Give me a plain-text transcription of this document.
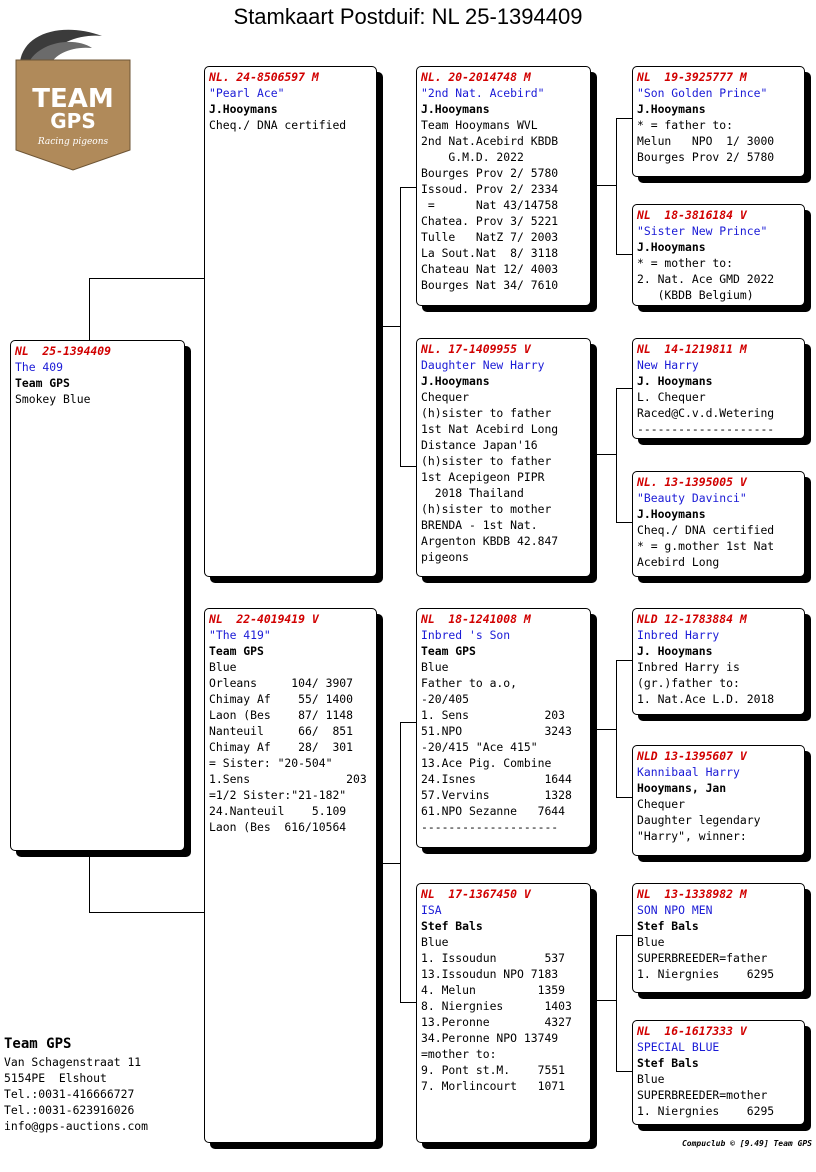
Stamkaart Postduif: NL 25-1394409
TEAM
GPS
Racing pigeons
NL  25-1394409
The 409
Team GPS
Smokey Blue
NL. 24-8506597 M
"Pearl Ace"
J.Hooymans
Cheq./ DNA certified
NL  22-4019419 V
"The 419"
Team GPS
Blue
Orleans     104/ 3907
Chimay Af    55/ 1400
Laon (Bes    87/ 1148
Nanteuil     66/  851
Chimay Af    28/  301
= Sister: "20-504"
1.Sens              203
=1/2 Sister:"21-182"
24.Nanteuil    5.109
Laon (Bes  616/10564
NL. 20-2014748 M
"2nd Nat. Acebird"
J.Hooymans
Team Hooymans WVL
2nd Nat.Acebird KBDB
G.M.D. 2022
Bourges Prov 2/ 5780
Issoud. Prov 2/ 2334
=      Nat 43/14758
Chatea. Prov 3/ 5221
Tulle   NatZ 7/ 2003
La Sout.Nat  8/ 3118
Chateau Nat 12/ 4003
Bourges Nat 34/ 7610
NL. 17-1409955 V
Daughter New Harry
J.Hooymans
Chequer
(h)sister to father
1st Nat Acebird Long
Distance Japan'16
(h)sister to father
1st Acepigeon PIPR
2018 Thailand
(h)sister to mother
BRENDA - 1st Nat.
Argenton KBDB 42.847
pigeons
NL  18-1241008 M
Inbred 's Son
Team GPS
Blue
Father to a.o,
-20/405
1. Sens           203
51.NPO            3243
-20/415 "Ace 415"
13.Ace Pig. Combine
24.Isnes          1644
57.Vervins        1328
61.NPO Sezanne   7644
--------------------
NL  17-1367450 V
ISA
Stef Bals
Blue
1. Issoudun       537
13.Issoudun NPO 7183
4. Melun         1359
8. Niergnies      1403
13.Peronne        4327
34.Peronne NPO 13749
=mother to:
9. Pont st.M.    7551
7. Morlincourt   1071
NL  19-3925777 M
"Son Golden Prince"
J.Hooymans
* = father to:
Melun   NPO  1/ 3000
Bourges Prov 2/ 5780
NL  18-3816184 V
"Sister New Prince"
J.Hooymans
* = mother to:
2. Nat. Ace GMD 2022
(KBDB Belgium)
NL  14-1219811 M
New Harry
J. Hooymans
L. Chequer
Raced@C.v.d.Wetering
--------------------
NL. 13-1395005 V
"Beauty Davinci"
J.Hooymans
Cheq./ DNA certified
* = g.mother 1st Nat
Acebird Long
NLD 12-1783884 M
Inbred Harry
J. Hooymans
Inbred Harry is
(gr.)father to:
1. Nat.Ace L.D. 2018
NLD 13-1395607 V
Kannibaal Harry
Hooymans, Jan
Chequer
Daughter legendary
"Harry", winner:
NL  13-1338982 M
SON NPO MEN
Stef Bals
Blue
SUPERBREEDER=father
1. Niergnies    6295
NL  16-1617333 V
SPECIAL BLUE
Stef Bals
Blue
SUPERBREEDER=mother
1. Niergnies    6295
Team GPS
Van Schagenstraat 11
5154PE  Elshout
Tel.:0031-416666727
Tel.:0031-623916026
info@gps-auctions.com
Compuclub © [9.49] Team GPS
